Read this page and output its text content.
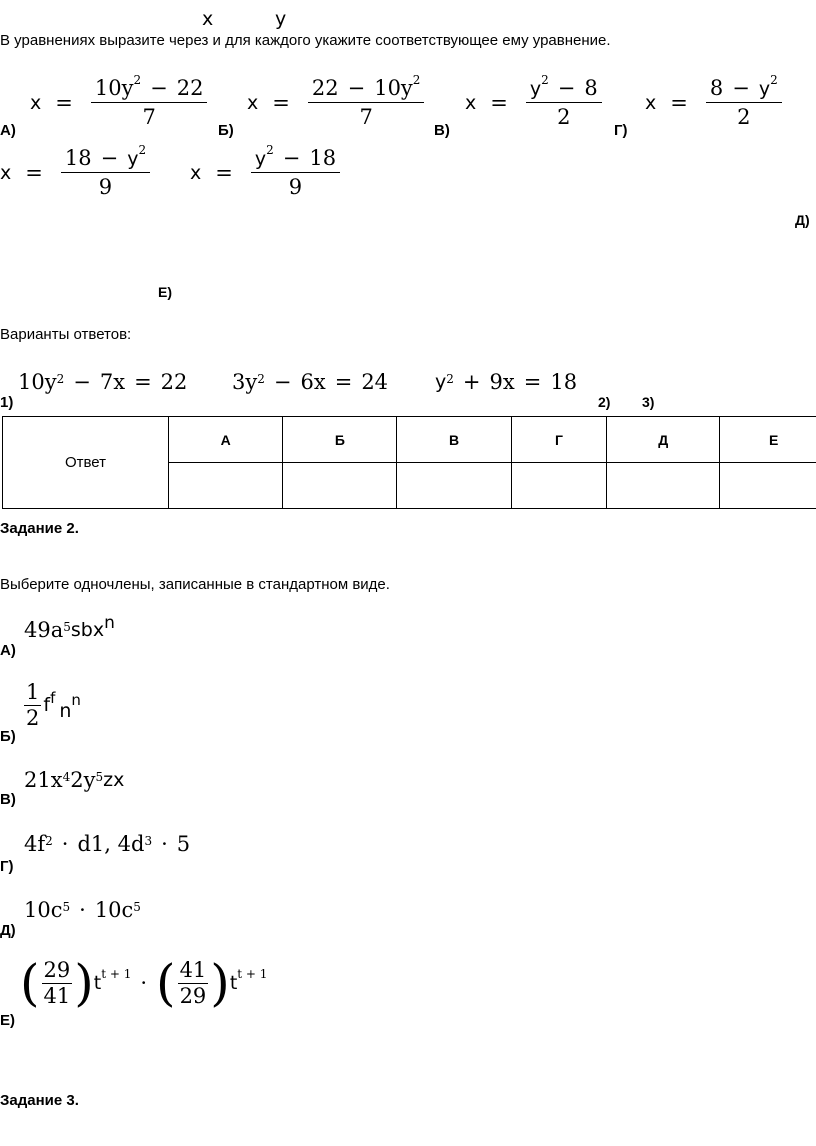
x	y
В уравнениях выразите через и для каждого укажите соответствующее ему уравнение.
$x = \frac{10y^2 - 22}{7}$
А)
$x = \frac{22 - 10y^2}{7}$
Б)
$x = \frac{y^2 - 8}{2}$
В)
$x = \frac{8 - y^2}{2}$
Г)
$x = \frac{18 - y^2}{9}$ $x = \frac{y^2 - 18}{9}$
Д)
Е)
Варианты ответов:
$10y^2 - 7x = 22$ $3y^2 - 6x = 24$ $y^2 + 9x = 18$
1)	2) 3)
Ответ	А	Б	В	Г	Д	Е

Задание 2.
Выберите одночлены, записанные в стандартном виде.
$49a^5$ sbx$^n$
А)
1
2
$f^f$
$n^n$
Б)
$21x^4$ $2y^5$ zx
В)
$4f^2 \cdot d1$, $4d^3 \cdot 5$
Г)
$10c^5 \cdot 10c^5$
Д)
( 29
41 ) $t^{t + 1}$ · ( 41
29 ) $t^{t + 1}$
Е)
Задание 3.
